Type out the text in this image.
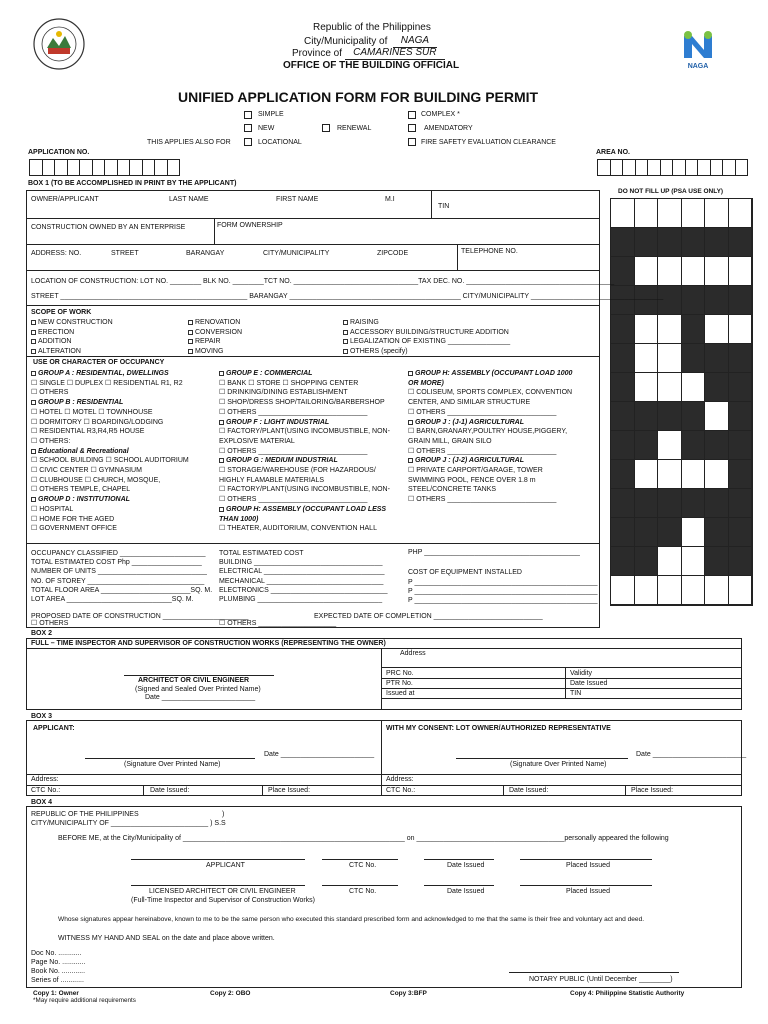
Republic of the Philippines
City/Municipality of NAGA
Province of CAMARINES SUR
OFFICE OF THE BUILDING OFFICIAL	NAGA
UNIFIED APPLICATION FORM FOR BUILDING PERMIT
SIMPLE
NEW
LOCATIONAL
THIS APPLIES ALSO FOR
RENEWAL
COMPLEX *
AMENDATORY
FIRE SAFETY EVALUATION CLEARANCE
APPLICATION NO.	AREA NO.
DO NOT FILL UP (PSA USE ONLY)
BOX 1 (TO BE ACCOMPLISHED IN PRINT BY THE APPLICANT)
OWNER/APPLICANT	LAST NAME	FIRST NAME	M.I
TIN
CONSTRUCTION OWNED BY AN ENTERPRISE	FORM OWNERSHIP
ADDRESS: NO.	STREET	BARANGAY	CITY/MUNICIPALITY	ZIPCODE	TELEPHONE NO.
LOCATION OF CONSTRUCTION: LOT NO. ________ BLK NO. ________TCT NO. ________________________________TAX DEC. NO. ______________________________________
STREET ________________________________________________ BARANGAY ____________________________________________ CITY/MUNICIPALITY __________________________________
SCOPE OF WORK
NEW CONSTRUCTION
ERECTION
ADDITION
ALTERATION
RENOVATION
CONVERSION
REPAIR
MOVING
RAISING
ACCESSORY BUILDING/STRUCTURE ADDITION
LEGALIZATION OF EXISTING ________________
OTHERS (specify)
USE OR CHARACTER OF OCCUPANCY
GROUP A : RESIDENTIAL, DWELLINGS
☐ SINGLE ☐ DUPLEX ☐ RESIDENTIAL R1, R2
☐ OTHERS
GROUP B : RESIDENTIAL
☐ HOTEL ☐ MOTEL ☐ TOWNHOUSE
☐ DORMITORY ☐ BOARDING/LODGING
☐ RESIDENTIAL R3,R4,R5 HOUSE
☐ OTHERS:
Educational & Recreational
☐ SCHOOL BUILDING ☐ SCHOOL AUDITORIUM
☐ CIVIC CENTER ☐ GYMNASIUM
☐ CLUBHOUSE ☐ CHURCH, MOSQUE,
☐ OTHERS TEMPLE, CHAPEL
GROUP D : INSTITUTIONAL
☐ HOSPITAL
☐ HOME FOR THE AGED
☐ GOVERNMENT OFFICE
GROUP E : COMMERCIAL
☐ BANK ☐ STORE ☐ SHOPPING CENTER
☐ DRINKING/DINING ESTABLISHMENT
☐ SHOP/DRESS SHOP/TAILORING/BARBERSHOP
☐ OTHERS ____________________________
GROUP F : LIGHT INDUSTRIAL
☐ FACTORY/PLANT(USING INCOMBUSTIBLE, NON-
EXPLOSIVE MATERIAL
☐ OTHERS ____________________________
GROUP G : MEDIUM INDUSTRIAL
☐ STORAGE/WAREHOUSE (FOR HAZARDOUS/
HIGHLY FLAMABLE MATERIALS
☐ FACTORY/PLANT(USING INCOMBUSTIBLE, NON-
☐ OTHERS ____________________________
GROUP H: ASSEMBLY (OCCUPANT LOAD LESS
THAN 1000)
☐ THEATER, AUDITORIUM, CONVENTION HALL
GROUP H: ASSEMBLY (OCCUPANT LOAD 1000
OR MORE)
☐ COLISEUM, SPORTS COMPLEX, CONVENTION
CENTER, AND SIMILAR STRUCTURE
☐ OTHERS ____________________________
GROUP J : (J-1) AGRICULTURAL
☐ BARN,GRANARY,POULTRY HOUSE,PIGGERY,
GRAIN MILL, GRAIN SILO
☐ OTHERS ____________________________
GROUP J : (J-2) AGRICULTURAL
☐ PRIVATE CARPORT/GARAGE, TOWER
SWIMMING POOL, FENCE OVER 1.8 m
STEEL/CONCRETE TANKS
☐ OTHERS ____________________________
OCCUPANCY CLASSIFIED ______________________
TOTAL ESTIMATED COST Php __________________
NUMBER OF UNITS ____________________________
NO. OF STOREY ______________________________
TOTAL FLOOR AREA _______________________SQ. M.
LOT AREA ___________________________SQ. M.
TOTAL ESTIMATED COST
BUILDING _________________________________
ELECTRICAL _______________________________
MECHANICAL ______________________________
ELECTRONICS ______________________________
PLUMBING ________________________________
PHP ________________________________________
COST OF EQUIPMENT INSTALLED
P _______________________________________________
P _______________________________________________
P _______________________________________________
PROPOSED DATE OF CONSTRUCTION ______________________
☐ OTHERS
EXPECTED DATE OF COMPLETION ____________________________
☐ OTHERS ____________________
BOX 2
FULL – TIME INSPECTOR AND SUPERVISOR OF CONSTRUCTION WORKS (REPRESENTING THE OWNER)
Address
ARCHITECT OR CIVIL ENGINEER
(Signed and Sealed Over Printed Name)
Date ________________________
PRC No.	Validity
PTR No.	Date Issued
Issued at	TIN
BOX 3
APPLICANT:	WITH MY CONSENT: LOT OWNER/AUTHORIZED REPRESENTATIVE
Date ________________________
(Signature Over Printed Name)
Date ________________________
(Signature Over Printed Name)
Address:	Address:
CTC No.:	Date Issued:	Place Issued:	CTC No.:	Date Issued:	Place Issued:
BOX 4
REPUBLIC OF THE PHILIPPINES	)
CITY/MUNICIPALITY OF _________________________ ) S.S
BEFORE ME, at the City/Municipality of _________________________________________________________ on ______________________________________personally appeared the following
APPLICANT	CTC No.	Date Issued	Placed Issued
LICENSED ARCHITECT OR CIVIL ENGINEER
(Full-Time Inspector and Supervisor of Construction Works)
CTC No.	Date Issued	Placed Issued
Whose signatures appear hereinabove, known to me to be the same person who executed this standard prescribed form and acknowledged to me that the same is their free and voluntary act and deed.
WITNESS MY HAND AND SEAL on the date and place above written.
Doc No. ............
Page No. ............
Book No. ............
Series of ............	NOTARY PUBLIC (Until December ________)
Copy 1: Owner	Copy 2: OBO	Copy 3:BFP	Copy 4: Philippine Statistic Authority
*May require additional requirements
